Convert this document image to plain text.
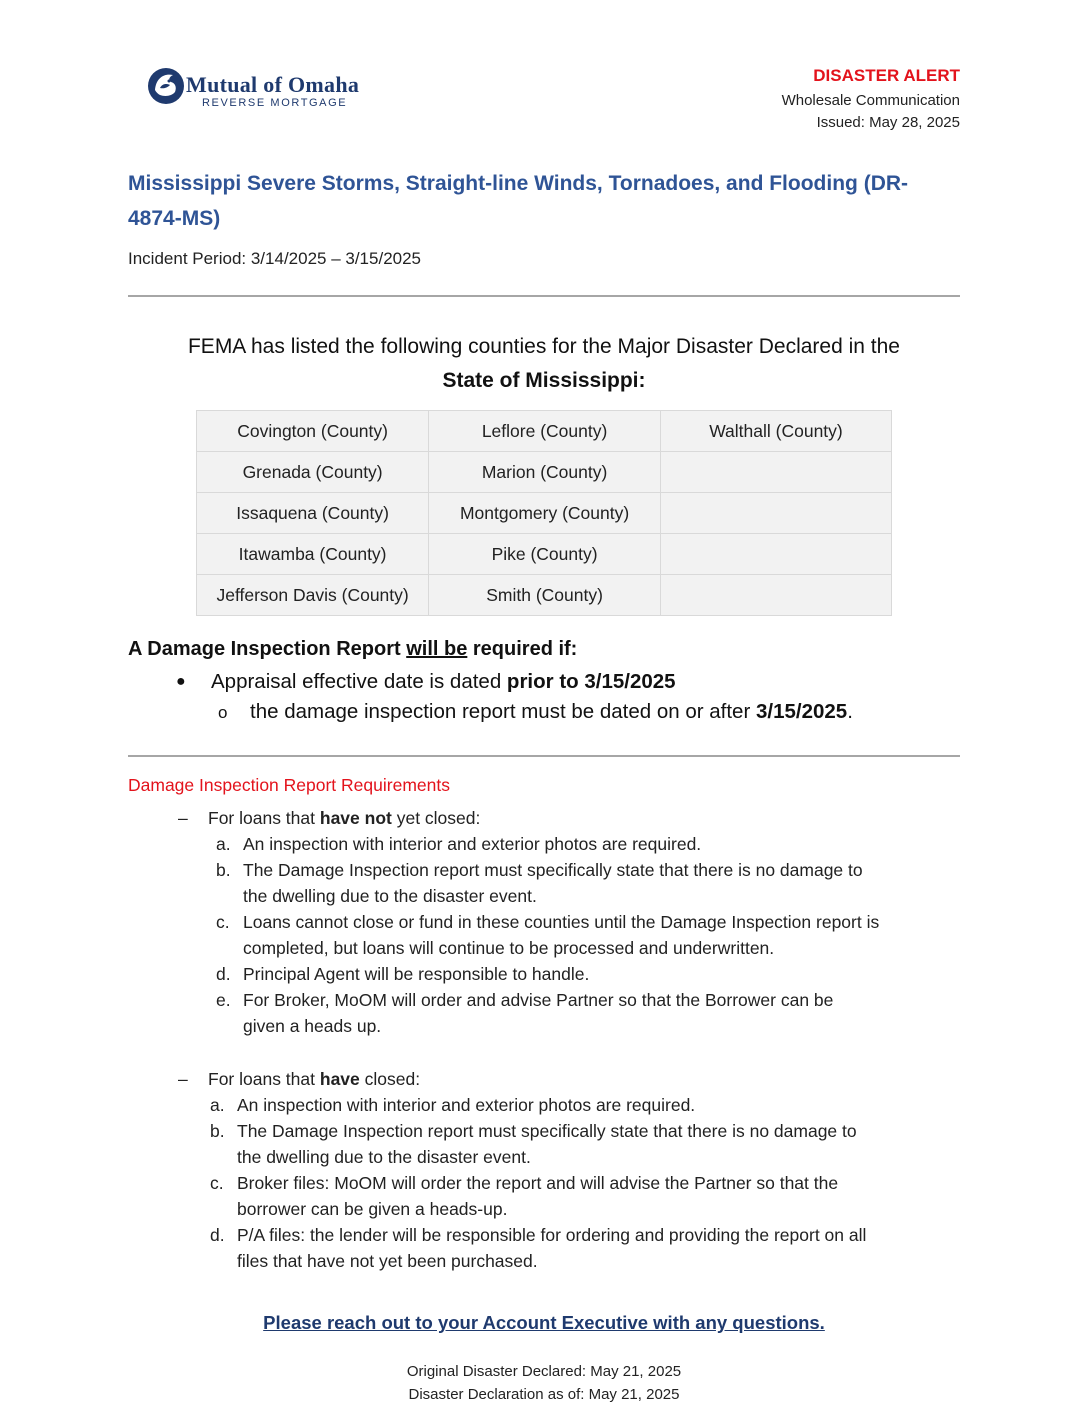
Mutual of Omaha
REVERSE MORTGAGE
DISASTER ALERT
Wholesale Communication
Issued: May 28, 2025
Mississippi Severe Storms, Straight-line Winds, Tornadoes, and Flooding (DR-4874-MS)
Incident Period: 3/14/2025 – 3/15/2025
FEMA has listed the following counties for the Major Disaster Declared in the
State of Mississippi:
Covington (County)	Leflore (County)	Walthall (County)
Grenada (County)	Marion (County)	
Issaquena (County)	Montgomery (County)	
Itawamba (County)	Pike (County)	
Jefferson Davis (County)	Smith (County)	
A Damage Inspection Report will be required if:
● Appraisal effective date is dated prior to 3/15/2025
o the damage inspection report must be dated on or after 3/15/2025.
Damage Inspection Report Requirements
– For loans that have not yet closed:
a. An inspection with interior and exterior photos are required.
b. The Damage Inspection report must specifically state that there is no damage to
the dwelling due to the disaster event.
c. Loans cannot close or fund in these counties until the Damage Inspection report is
completed, but loans will continue to be processed and underwritten.
d. Principal Agent will be responsible to handle.
e. For Broker, MoOM will order and advise Partner so that the Borrower can be
given a heads up.
– For loans that have closed:
a. An inspection with interior and exterior photos are required.
b. The Damage Inspection report must specifically state that there is no damage to
the dwelling due to the disaster event.
c. Broker files: MoOM will order the report and will advise the Partner so that the
borrower can be given a heads-up.
d. P/A files: the lender will be responsible for ordering and providing the report on all
files that have not yet been purchased.
Please reach out to your Account Executive with any questions.
Original Disaster Declared: May 21, 2025
Disaster Declaration as of: May 21, 2025
